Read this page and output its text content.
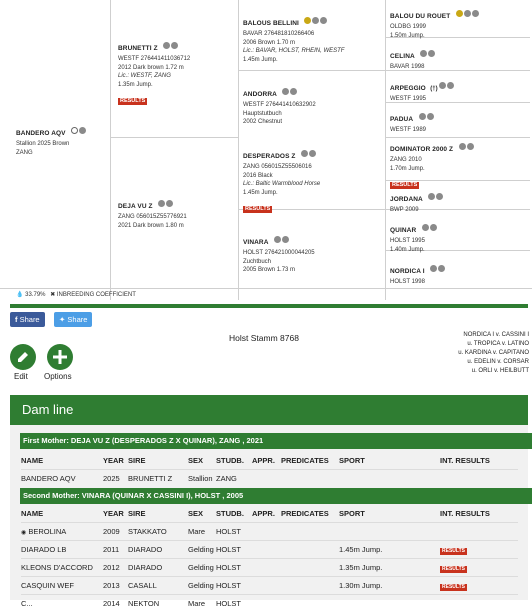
BANDERO AQV
Stallion 2025 Brown
ZANG
BRUNETTI Z
WESTF 276441411036712
2012 Dark brown 1.72 m
Lic.: WESTF, ZANG
1.35m Jump.
RESULTS
DEJA VU Z
ZANG 056015Z55776921
2021 Dark brown 1.80 m
BALOUS BELLINI
BAVAR 276481810266406
2006 Brown 1.70 m
Lic.: BAVAR, HOLST, RHEIN, WESTF
1.45m Jump.
ANDORRA
WESTF 276441410632902
Hauptstutbuch
2002 Chestnut
DESPERADOS Z
ZANG 056015Z55506016
2016 Black
Lic.: Baltic Warmblood Horse
1.45m Jump.
RESULTS
VINARA
HOLST 276421000044205
Zuchtbuch
2005 Brown 1.73 m
BALOU DU ROUET
OLDBG 1999
1.50m Jump.
CELINA
BAVAR 1998
ARPEGGIO (†)
WESTF 1995
PADUA
WESTF 1989
DOMINATOR 2000 Z
ZANG 2010
1.70m Jump.
RESULTS
JORDANA
BWP 2009
QUINAR
HOLST 1995
1.40m Jump.
NORDICA I
HOLST 1998
💧 33.79% ✖ INBREEDING COEFFICIENT
f Share	✦ Share
Edit Options
Holst Stamm 8768	NORDICA I v. CASSINI I
u. TROPICA v. LATINO
u. KARDINA v. CAPITANO
u. EDELIN v. CORSAR
u. ORLI v. HEILBUTT
Dam line
First Mother: DEJA VU Z (DESPERADOS Z X QUINAR), ZANG , 2021
NAME	YEAR	SIRE	SEX	STUDB.	APPR.	PREDICATES	SPORT	INT. RESULTS
BANDERO AQV	2025	BRUNETTI Z	Stallion	ZANG				
Second Mother: VINARA (QUINAR X CASSINI I), HOLST , 2005
NAME	YEAR	SIRE	SEX	STUDB.	APPR.	PREDICATES	SPORT	INT. RESULTS
◉ BEROLINA	2009	STAKKATO	Mare	HOLST				
DIARADO LB	2011	DIARADO	Gelding	HOLST			1.45m Jump.	RESULTS
KLEONS D'ACCORD	2012	DIARADO	Gelding	HOLST			1.35m Jump.	RESULTS
CASQUIN WEF	2013	CASALL	Gelding	HOLST			1.30m Jump.	RESULTS
C...	2014	NEKTON	Mare	HOLST				
